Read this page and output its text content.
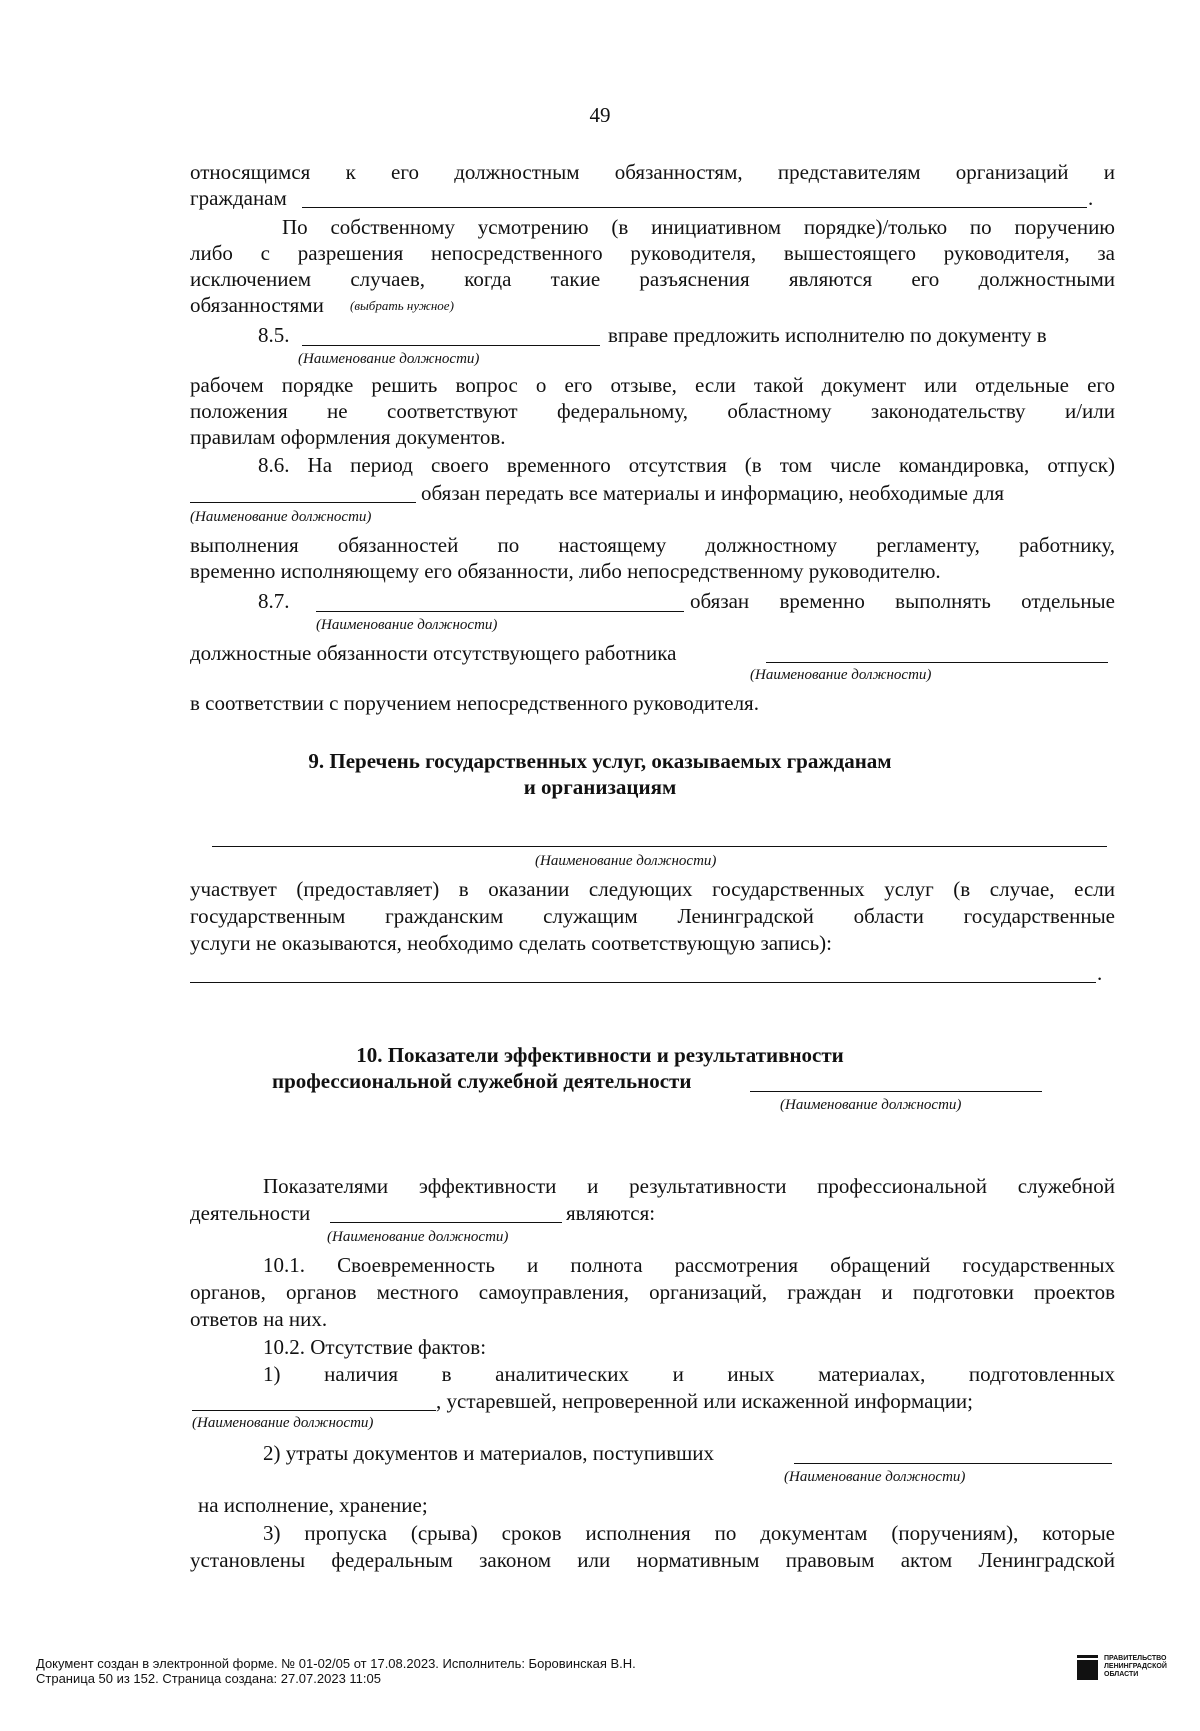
49
относящимся к его должностным обязанностям, представителям организаций и
гражданам	.
По собственному усмотрению (в инициативном порядке)/только по поручению
либо с разрешения непосредственного руководителя, вышестоящего руководителя, за
исключением случаев, когда такие разъяснения являются его должностными
обязанностями (выбрать нужное)
8.5.	вправе предложить исполнителю по документу в
(Наименование должности)
рабочем порядке решить вопрос о его отзыве, если такой документ или отдельные его
положения не соответствуют федеральному, областному законодательству и/или
правилам оформления документов.
8.6. На период своего временного отсутствия (в том числе командировка, отпуск)
обязан передать все материалы и информацию, необходимые для
(Наименование должности)
выполнения обязанностей по настоящему должностному регламенту, работнику,
временно исполняющему его обязанности, либо непосредственному руководителю.
8.7.	обязан временно выполнять отдельные
(Наименование должности)
должностные обязанности отсутствующего работника
(Наименование должности)
в соответствии с поручением непосредственного руководителя.
9. Перечень государственных услуг, оказываемых гражданам
и организациям
(Наименование должности)
участвует (предоставляет) в оказании следующих государственных услуг (в случае, если
государственным гражданским служащим Ленинградской области государственные
услуги не оказываются, необходимо сделать соответствующую запись):
.
10. Показатели эффективности и результативности
профессиональной служебной деятельности
(Наименование должности)
Показателями эффективности и результативности профессиональной служебной
деятельности	являются:
(Наименование должности)
10.1. Своевременность и полнота рассмотрения обращений государственных
органов, органов местного самоуправления, организаций, граждан и подготовки проектов
ответов на них.
10.2. Отсутствие фактов:
1) наличия в аналитических и иных материалах, подготовленных
, устаревшей, непроверенной или искаженной информации;
(Наименование должности)
2) утраты документов и материалов, поступивших
(Наименование должности)
на исполнение, хранение;
3) пропуска (срыва) сроков исполнения по документам (поручениям), которые
установлены федеральным законом или нормативным правовым актом Ленинградской
Документ создан в электронной форме. № 01-02/05 от 17.08.2023. Исполнитель: Боровинская В.Н.
Страница 50 из 152. Страница создана: 27.07.2023 11:05
ПРАВИТЕЛЬСТВО
ЛЕНИНГРАДСКОЙ
ОБЛАСТИ
